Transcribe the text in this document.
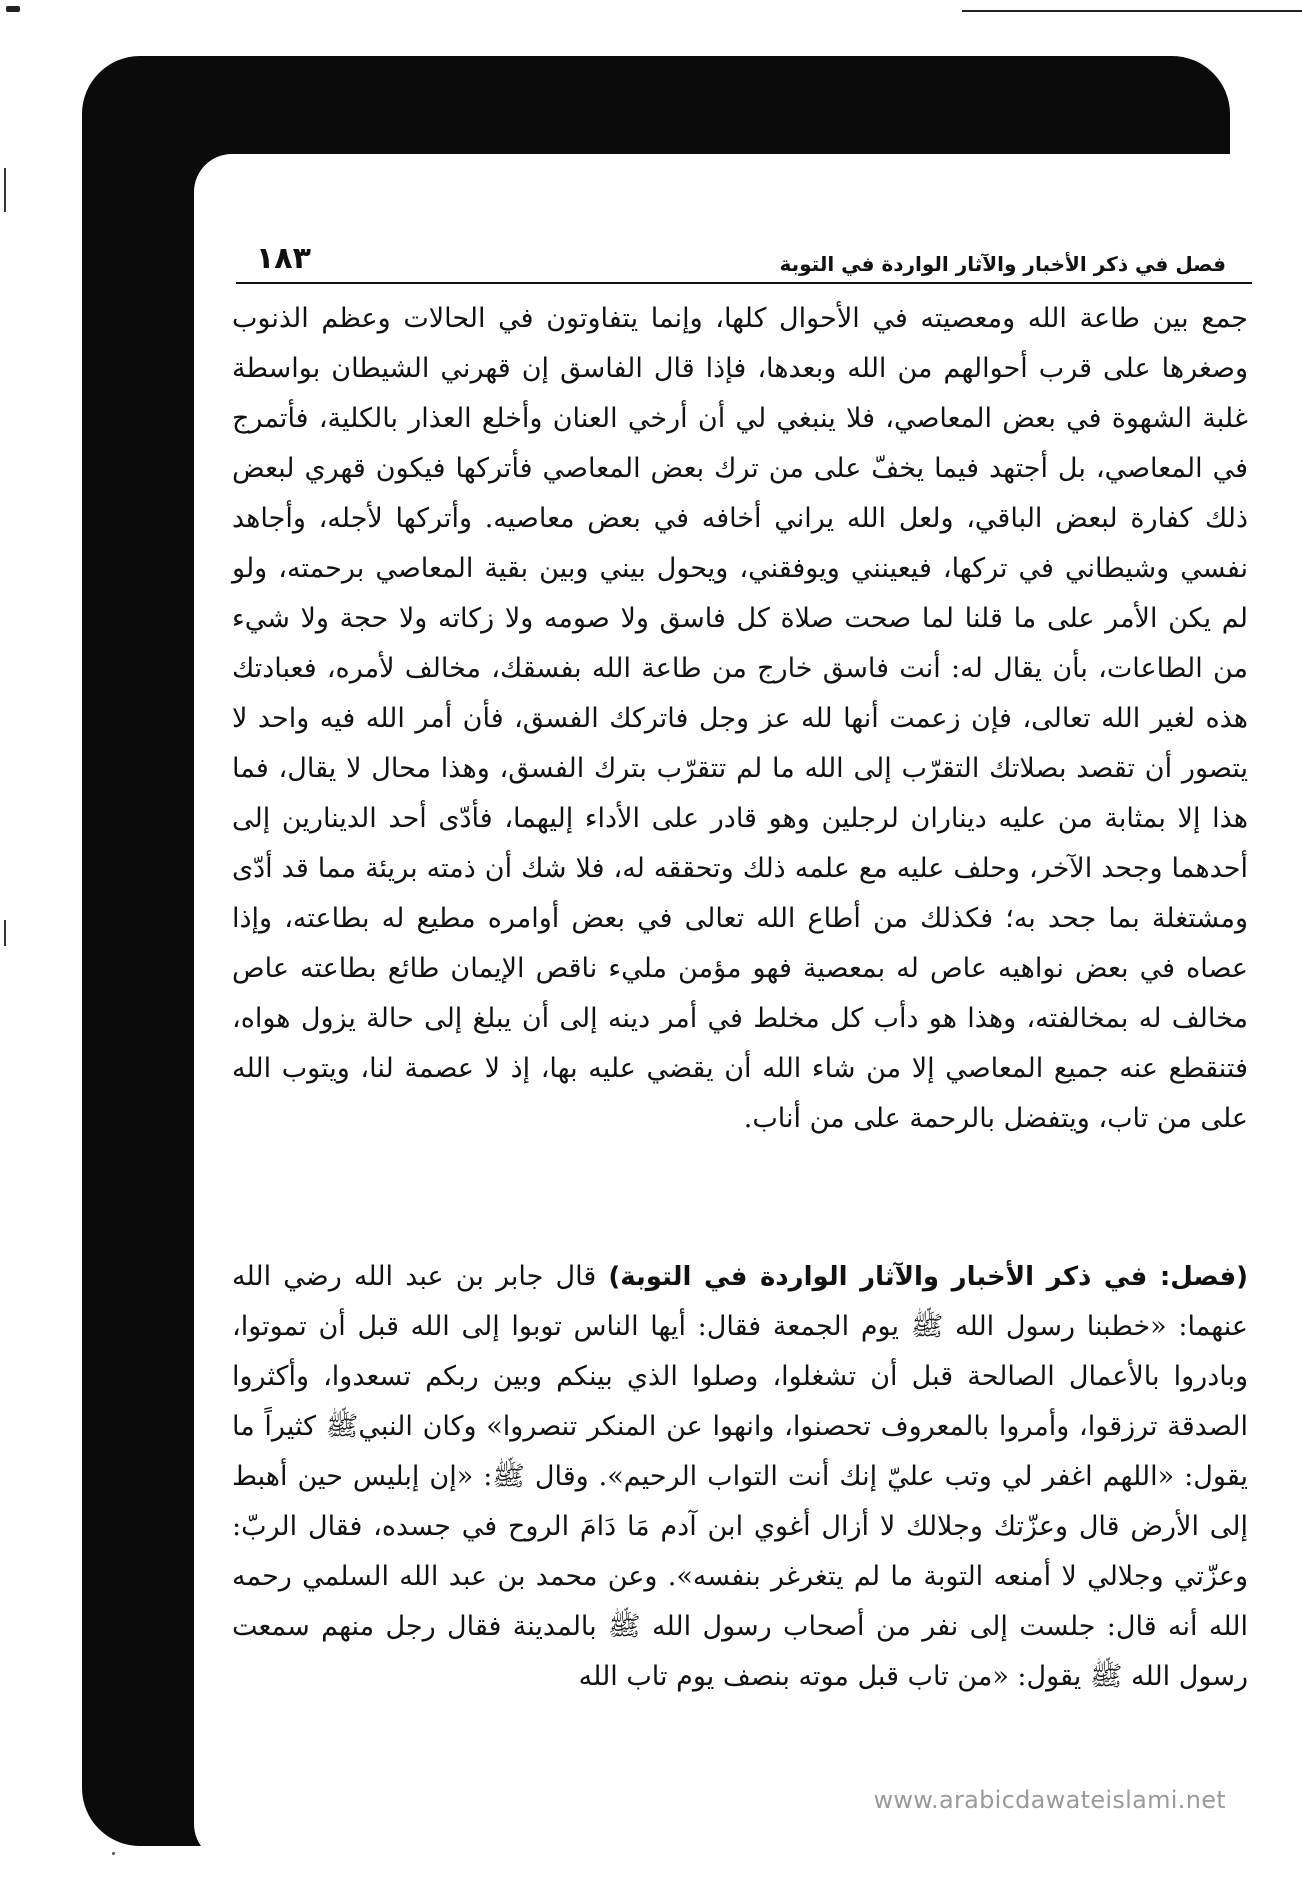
١٨٣	فصل في ذكر الأخبار والآثار الواردة في التوبة
جمع بين طاعة الله ومعصيته في الأحوال كلها، وإنما يتفاوتون في الحالات وعظم الذنوب وصغرها على قرب أحوالهم من الله وبعدها، فإذا قال الفاسق إن قهرني الشيطان بواسطة غلبة الشهوة في بعض المعاصي، فلا ينبغي لي أن أرخي العنان وأخلع العذار بالكلية، فأتمرج في المعاصي، بل أجتهد فيما يخفّ على من ترك بعض المعاصي فأتركها فيكون قهري لبعض ذلك كفارة لبعض الباقي، ولعل الله يراني أخافه في بعض معاصيه. وأتركها لأجله، وأجاهد نفسي وشيطاني في تركها، فيعينني ويوفقني، ويحول بيني وبين بقية المعاصي برحمته، ولو لم يكن الأمر على ما قلنا لما صحت صلاة كل فاسق ولا صومه ولا زكاته ولا حجة ولا شيء من الطاعات، بأن يقال له: أنت فاسق خارج من طاعة الله بفسقك، مخالف لأمره، فعبادتك هذه لغير الله تعالى، فإن زعمت أنها لله عز وجل فاتركك الفسق، فأن أمر الله فيه واحد لا يتصور أن تقصد بصلاتك التقرّب إلى الله ما لم تتقرّب بترك الفسق، وهذا محال لا يقال، فما هذا إلا بمثابة من عليه ديناران لرجلين وهو قادر على الأداء إليهما، فأدّى أحد الدينارين إلى أحدهما وجحد الآخر، وحلف عليه مع علمه ذلك وتحققه له، فلا شك أن ذمته بريئة مما قد أدّى ومشتغلة بما جحد به؛ فكذلك من أطاع الله تعالى في بعض أوامره مطيع له بطاعته، وإذا عصاه في بعض نواهيه عاص له بمعصية فهو مؤمن مليء ناقص الإيمان طائع بطاعته عاص مخالف له بمخالفته، وهذا هو دأب كل مخلط في أمر دينه إلى أن يبلغ إلى حالة يزول هواه، فتنقطع عنه جميع المعاصي إلا من شاء الله أن يقضي عليه بها، إذ لا عصمة لنا، ويتوب الله على من تاب، ويتفضل بالرحمة على من أناب.
(فصل: في ذكر الأخبار والآثار الواردة في التوبة) قال جابر بن عبد الله رضي الله عنهما: «خطبنا رسول الله ﷺ يوم الجمعة فقال: أيها الناس توبوا إلى الله قبل أن تموتوا، وبادروا بالأعمال الصالحة قبل أن تشغلوا، وصلوا الذي بينكم وبين ربكم تسعدوا، وأكثروا الصدقة ترزقوا، وأمروا بالمعروف تحصنوا، وانهوا عن المنكر تنصروا» وكان النبيﷺ كثيراً ما يقول: «اللهم اغفر لي وتب عليّ إنك أنت التواب الرحيم». وقال ﷺ: «إن إبليس حين أهبط إلى الأرض قال وعزّتك وجلالك لا أزال أغوي ابن آدم مَا دَامَ الروح في جسده، فقال الربّ: وعزّتي وجلالي لا أمنعه التوبة ما لم يتغرغر بنفسه». وعن محمد بن عبد الله السلمي رحمه الله أنه قال: جلست إلى نفر من أصحاب رسول الله ﷺ بالمدينة فقال رجل منهم سمعت رسول الله ﷺ يقول: «من تاب قبل موته بنصف يوم تاب الله
www.arabicdawateislami.net
